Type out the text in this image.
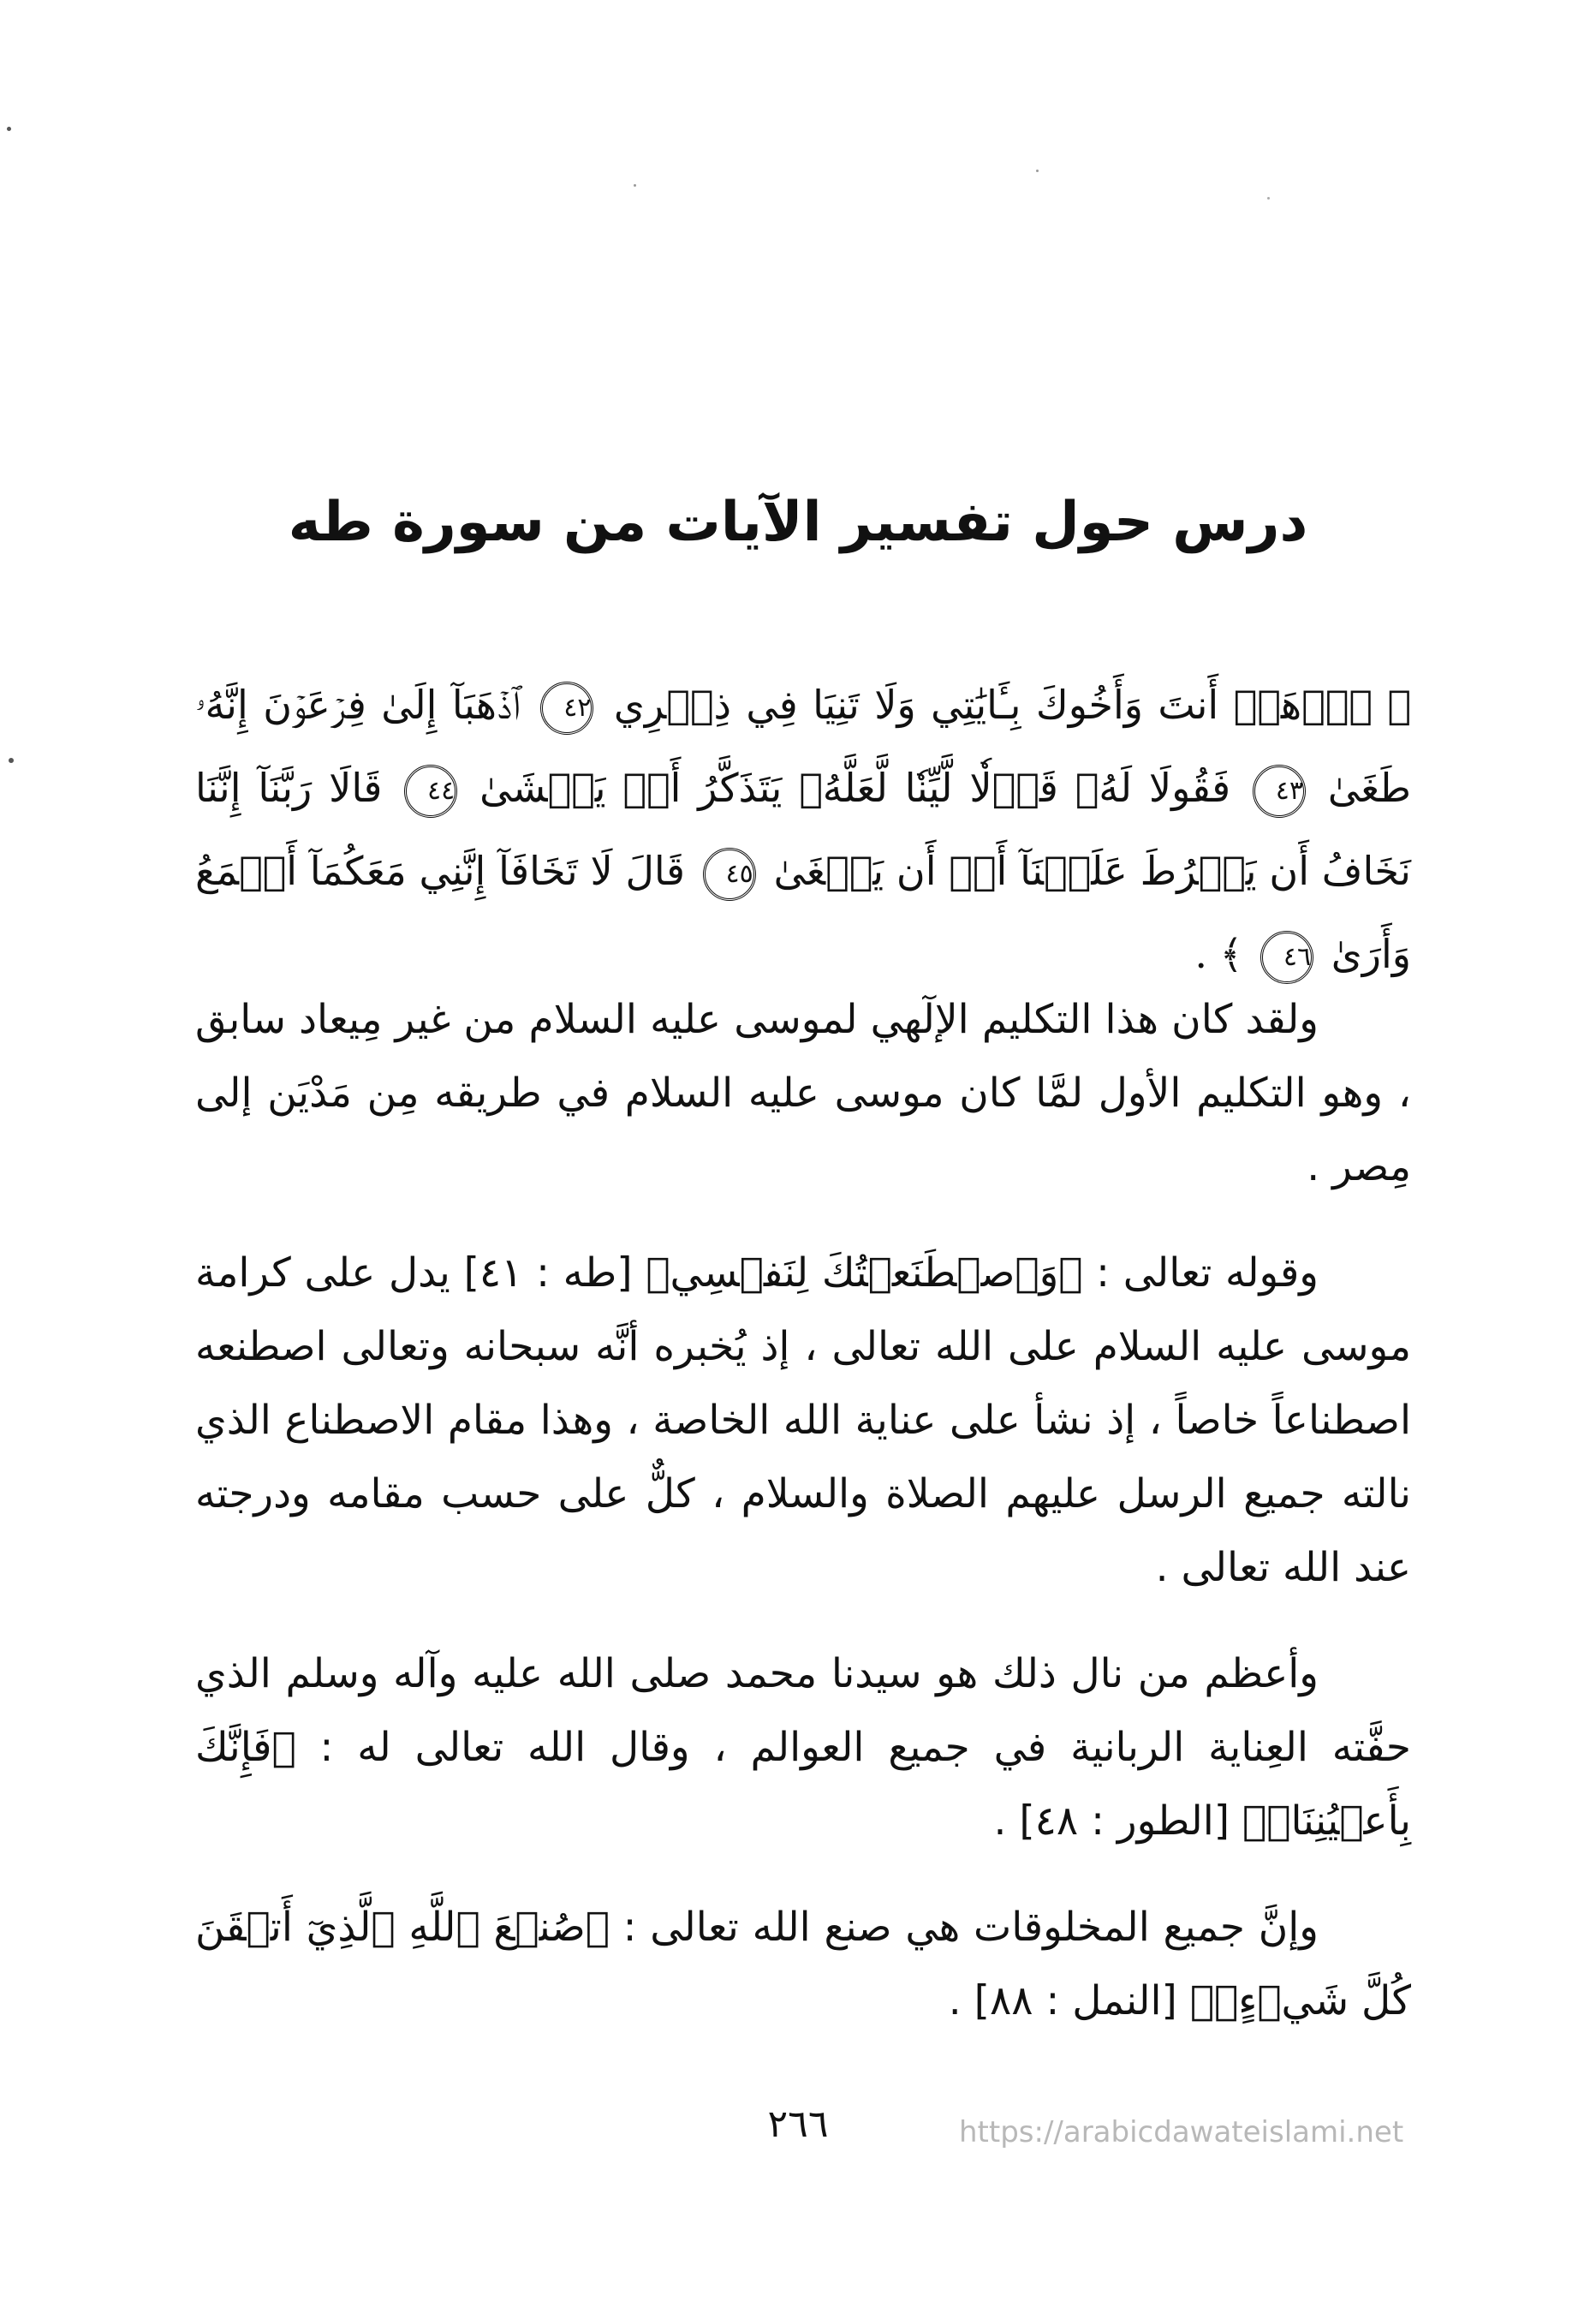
درس حول تفسير الآيات من سورة طه
﴿ ٱذۡهَبۡ أَنتَ وَأَخُوكَ بِـَٔايَٰتِي وَلَا تَنِيَا فِي ذِكۡرِي ٤٢ ٱذۡهَبَآ إِلَىٰ فِرۡعَوۡنَ إِنَّهُۥ طَغَىٰ ٤٣ فَقُولَا لَهُۥ قَوۡلٗا لَّيِّنٗا لَّعَلَّهُۥ يَتَذَكَّرُ أَوۡ يَخۡشَىٰ ٤٤ قَالَا رَبَّنَآ إِنَّنَا نَخَافُ أَن يَفۡرُطَ عَلَيۡنَآ أَوۡ أَن يَطۡغَىٰ ٤٥ قَالَ لَا تَخَافَآ إِنَّنِي مَعَكُمَآ أَسۡمَعُ وَأَرَىٰ ٤٦ ﴾ .

ولقد كان هذا التكليم الإلٓهي لموسى عليه السلام من غير مِيعاد سابق ، وهو التكليم الأول لمَّا كان موسى عليه السلام في طريقه مِن مَدْيَن إلى مِصر .

وقوله تعالى : ﴿وَٱصۡطَنَعۡتُكَ لِنَفۡسِي﴾ [طه : ٤١] يدل على كرامة موسى عليه السلام على الله تعالى ، إذ يُخبره أنَّه سبحانه وتعالى اصطنعه اصطناعاً خاصاً ، إذ نشأ على عناية الله الخاصة ، وهذا مقام الاصطناع الذي نالته جميع الرسل عليهم الصلاة والسلام ، كلٌّ على حسب مقامه ودرجته عند الله تعالى .

وأعظم من نال ذلك هو سيدنا محمد صلى الله عليه وآله وسلم الذي حفَّته العِناية الربانية في جميع العوالم ، وقال الله تعالى له : ﴿فَإِنَّكَ بِأَعۡيُنِنَاۖ﴾ [الطور : ٤٨] .

وإنَّ جميع المخلوقات هي صنع الله تعالى : ﴿صُنۡعَ ٱللَّهِ ٱلَّذِيٓ أَتۡقَنَ كُلَّ شَيۡءٍۚ﴾ [النمل : ٨٨] .

٢٦٦	https://arabicdawateislami.net
